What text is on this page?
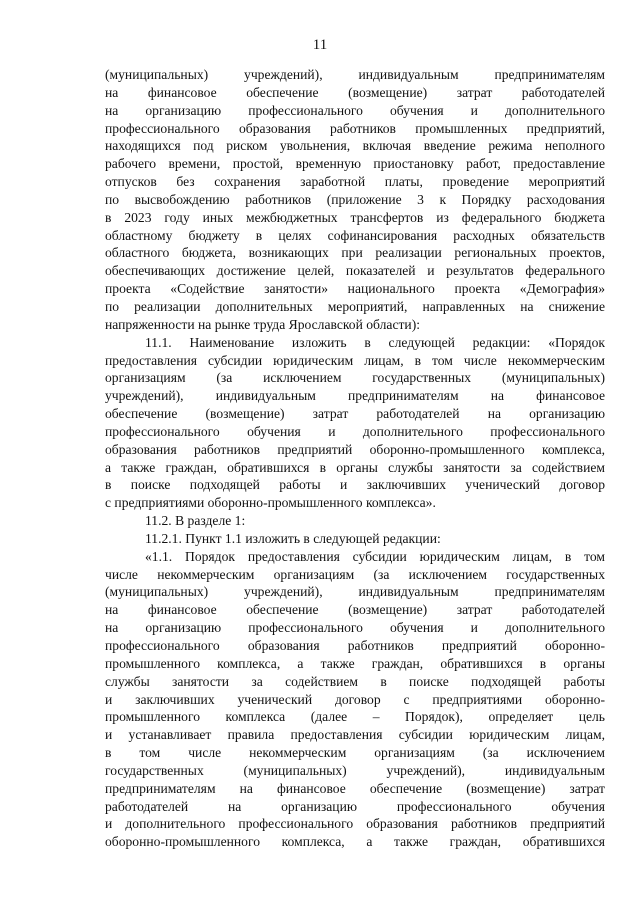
11
(муниципальных) учреждений), индивидуальным предпринимателям
на финансовое обеспечение (возмещение) затрат работодателей
на организацию профессионального обучения и дополнительного
профессионального образования работников промышленных предприятий,
находящихся под риском увольнения, включая введение режима неполного
рабочего времени, простой, временную приостановку работ, предоставление
отпусков без сохранения заработной платы, проведение мероприятий
по высвобождению работников (приложение 3 к Порядку расходования
в 2023 году иных межбюджетных трансфертов из федерального бюджета
областному бюджету в целях софинансирования расходных обязательств
областного бюджета, возникающих при реализации региональных проектов,
обеспечивающих достижение целей, показателей и результатов федерального
проекта «Содействие занятости» национального проекта «Демография»
по реализации дополнительных мероприятий, направленных на снижение
напряженности на рынке труда Ярославской области):
11.1. Наименование изложить в следующей редакции: «Порядок
предоставления субсидии юридическим лицам, в том числе некоммерческим
организациям (за исключением государственных (муниципальных)
учреждений), индивидуальным предпринимателям на финансовое
обеспечение (возмещение) затрат работодателей на организацию
профессионального обучения и дополнительного профессионального
образования работников предприятий оборонно-промышленного комплекса,
а также граждан, обратившихся в органы службы занятости за содействием
в поиске подходящей работы и заключивших ученический договор
с предприятиями оборонно-промышленного комплекса».
11.2. В разделе 1:
11.2.1. Пункт 1.1 изложить в следующей редакции:
«1.1. Порядок предоставления субсидии юридическим лицам, в том
числе некоммерческим организациям (за исключением государственных
(муниципальных) учреждений), индивидуальным предпринимателям
на финансовое обеспечение (возмещение) затрат работодателей
на организацию профессионального обучения и дополнительного
профессионального образования работников предприятий оборонно-
промышленного комплекса, а также граждан, обратившихся в органы
службы занятости за содействием в поиске подходящей работы
и заключивших ученический договор с предприятиями оборонно-
промышленного комплекса (далее – Порядок), определяет цель
и устанавливает правила предоставления субсидии юридическим лицам,
в том числе некоммерческим организациям (за исключением
государственных (муниципальных) учреждений), индивидуальным
предпринимателям на финансовое обеспечение (возмещение) затрат
работодателей на организацию профессионального обучения
и дополнительного профессионального образования работников предприятий
оборонно-промышленного комплекса, а также граждан, обратившихся
